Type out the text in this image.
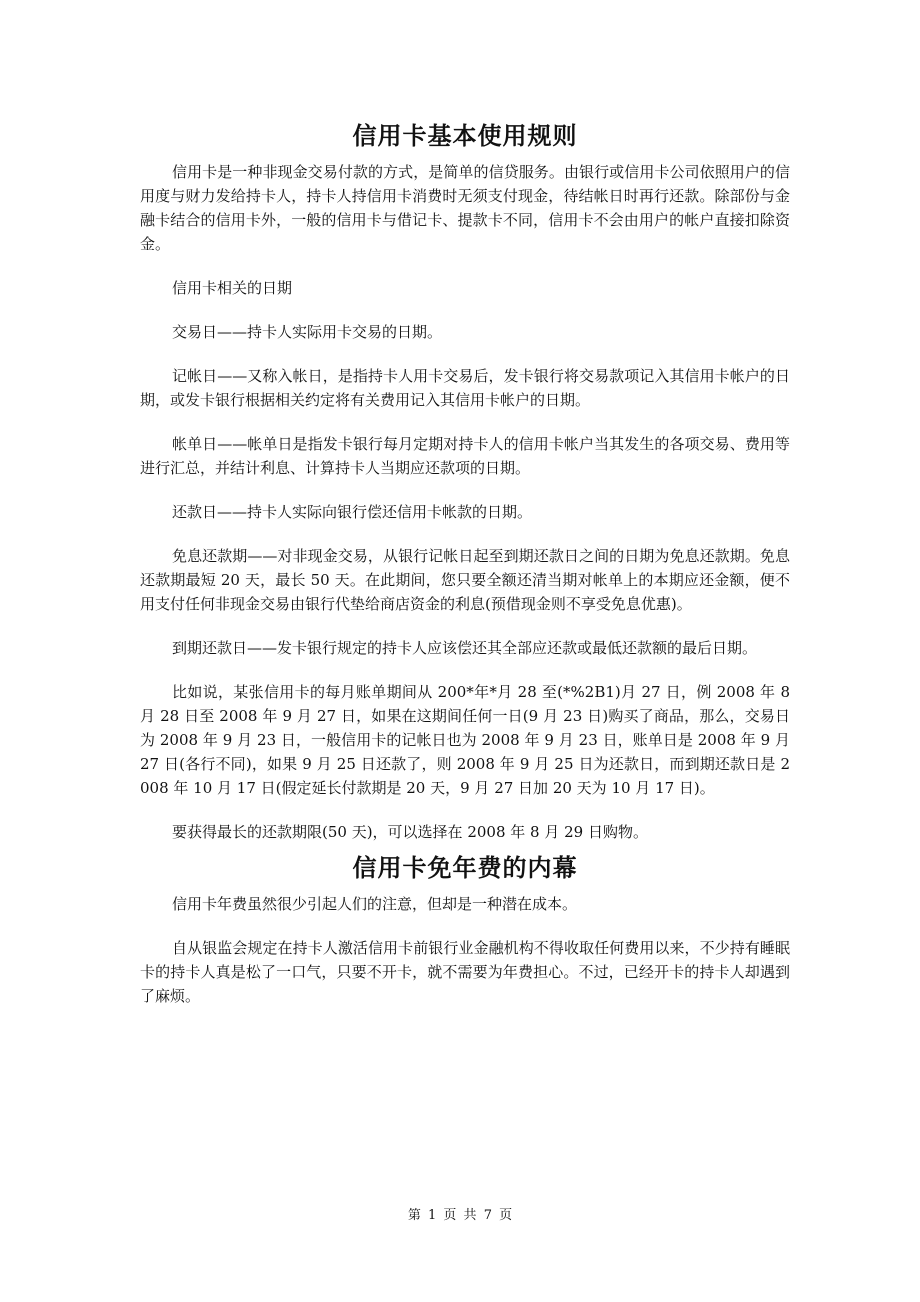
信用卡基本使用规则

信用卡是一种非现金交易付款的方式，是简单的信贷服务。由银行或信用卡公司依照用户的信用度与财力发给持卡人，持卡人持信用卡消费时无须支付现金，待结帐日时再行还款。除部份与金融卡结合的信用卡外，一般的信用卡与借记卡、提款卡不同，信用卡不会由用户的帐户直接扣除资金。

信用卡相关的日期

交易日——持卡人实际用卡交易的日期。

记帐日——又称入帐日，是指持卡人用卡交易后，发卡银行将交易款项记入其信用卡帐户的日期，或发卡银行根据相关约定将有关费用记入其信用卡帐户的日期。

帐单日——帐单日是指发卡银行每月定期对持卡人的信用卡帐户当其发生的各项交易、费用等进行汇总，并结计利息、计算持卡人当期应还款项的日期。

还款日——持卡人实际向银行偿还信用卡帐款的日期。

免息还款期——对非现金交易，从银行记帐日起至到期还款日之间的日期为免息还款期。免息还款期最短 20 天，最长 50 天。在此期间，您只要全额还清当期对帐单上的本期应还金额，便不用支付任何非现金交易由银行代垫给商店资金的利息(预借现金则不享受免息优惠)。

到期还款日——发卡银行规定的持卡人应该偿还其全部应还款或最低还款额的最后日期。

比如说，某张信用卡的每月账单期间从 200*年*月 28 至(*%2B1)月 27 日，例 2008 年 8 月 28 日至 2008 年 9 月 27 日，如果在这期间任何一日(9 月 23 日)购买了商品，那么，交易日为 2008 年 9 月 23 日，一般信用卡的记帐日也为 2008 年 9 月 23 日，账单日是 2008 年 9 月 27 日(各行不同)，如果 9 月 25 日还款了，则 2008 年 9 月 25 日为还款日，而到期还款日是 2008 年 10 月 17 日(假定延长付款期是 20 天，9 月 27 日加 20 天为 10 月 17 日)。

要获得最长的还款期限(50 天)，可以选择在 2008 年 8 月 29 日购物。

信用卡免年费的内幕

信用卡年费虽然很少引起人们的注意，但却是一种潜在成本。

自从银监会规定在持卡人激活信用卡前银行业金融机构不得收取任何费用以来，不少持有睡眠卡的持卡人真是松了一口气，只要不开卡，就不需要为年费担心。不过，已经开卡的持卡人却遇到了麻烦。

第 1 页 共 7 页
